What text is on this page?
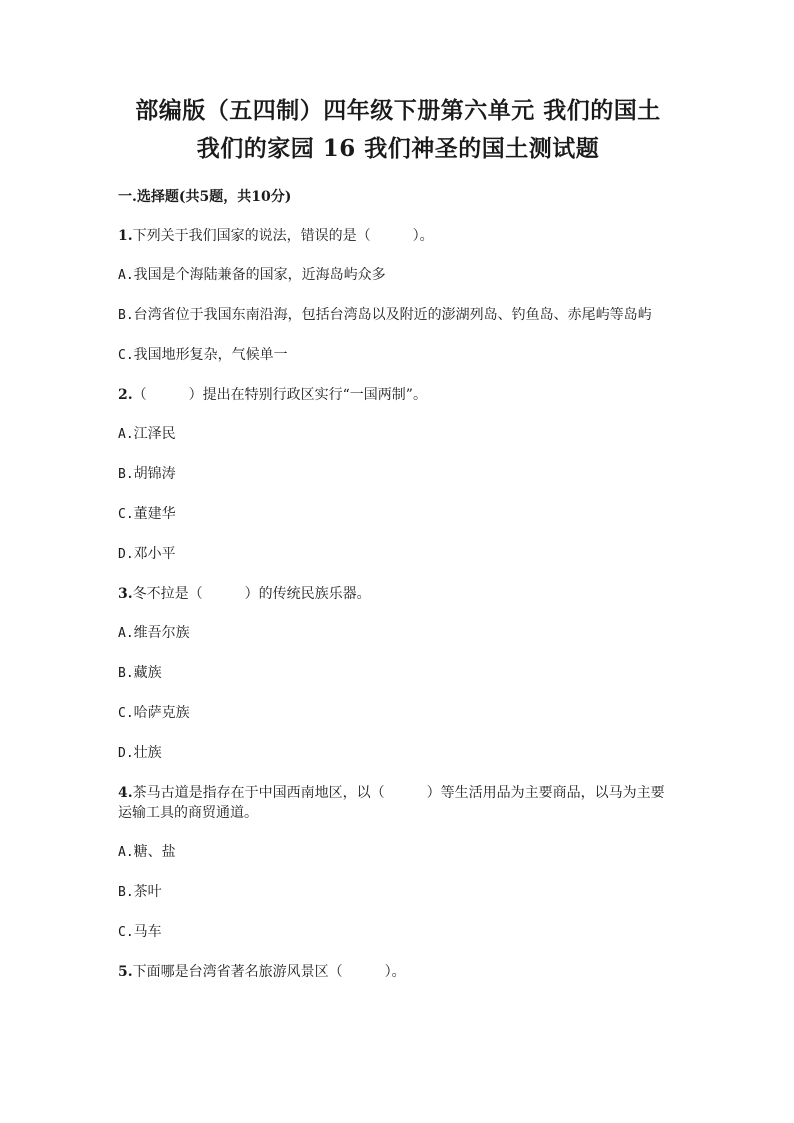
部编版（五四制）四年级下册第六单元 我们的国土
我们的家园 16 我们神圣的国土测试题
一.选择题(共5题，共10分)
1.下列关于我们国家的说法，错误的是（　　　）。
A.我国是个海陆兼备的国家，近海岛屿众多
B.台湾省位于我国东南沿海，包括台湾岛以及附近的澎湖列岛、钓鱼岛、赤尾屿等岛屿
C.我国地形复杂，气候单一
2.（　　　）提出在特别行政区实行“一国两制”。
A.江泽民
B.胡锦涛
C.董建华
D.邓小平
3.冬不拉是（　　　）的传统民族乐器。
A.维吾尔族
B.藏族
C.哈萨克族
D.壮族
4.茶马古道是指存在于中国西南地区，以（　　　）等生活用品为主要商品，以马为主要运输工具的商贸通道。
A.糖、盐
B.茶叶
C.马车
5.下面哪是台湾省著名旅游风景区（　　　）。
